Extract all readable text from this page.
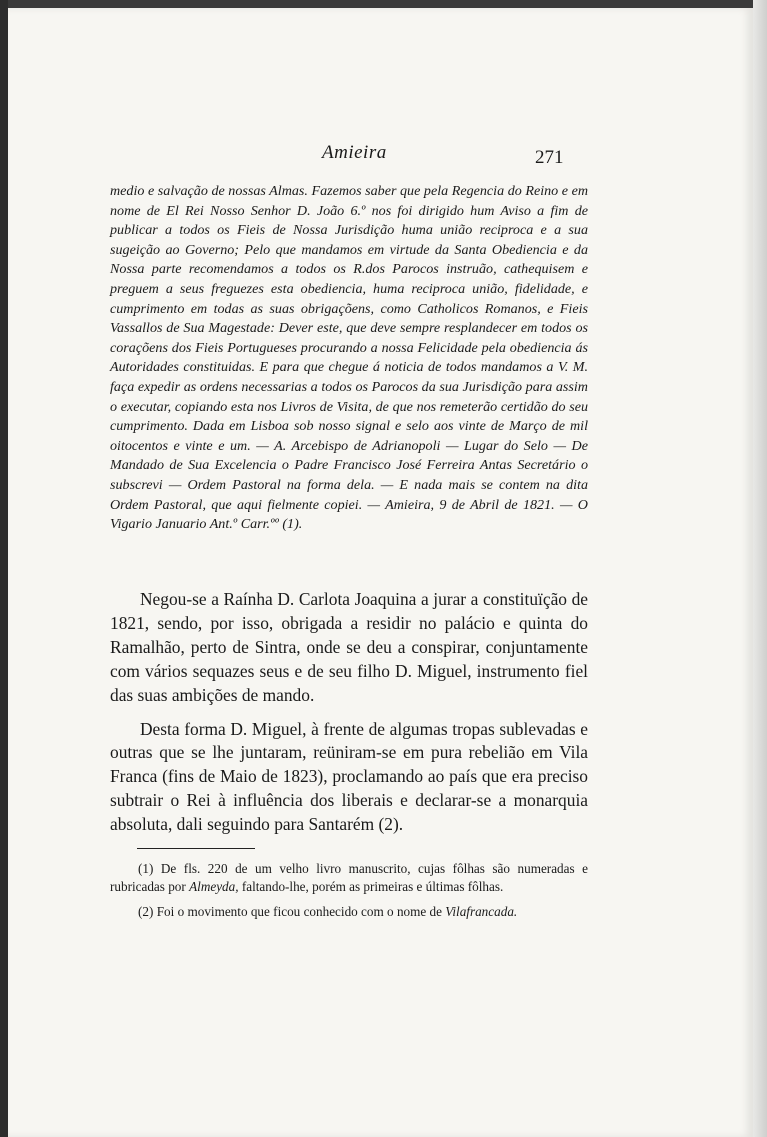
Amieira	271

medio e salvação de nossas Almas. Fazemos saber que pela Regencia do Reino e em nome de El Rei Nosso Senhor D. João 6.º nos foi dirigido hum Aviso a fim de publicar a todos os Fieis de Nossa Jurisdição huma união reciproca e a sua sugeição ao Governo; Pelo que mandamos em virtude da Santa Obediencia e da Nossa parte recomendamos a todos os R.dos Parocos instruão, cathequisem e preguem a seus freguezes esta obediencia, huma reciproca união, fidelidade, e cumprimento em todas as suas obrigaçõens, como Catholicos Romanos, e Fieis Vassallos de Sua Magestade: Dever este, que deve sempre resplandecer em todos os coraçõens dos Fieis Portugueses procurando a nossa Felicidade pela obediencia ás Autoridades constituidas. E para que chegue á noticia de todos mandamos a V. M. faça expedir as ordens necessarias a todos os Parocos da sua Jurisdição para assim o executar, copiando esta nos Livros de Visita, de que nos remeterão certidão do seu cumprimento. Dada em Lisboa sob nosso signal e selo aos vinte de Março de mil oitocentos e vinte e um. — A. Arcebispo de Adrianopoli — Lugar do Selo — De Mandado de Sua Excelencia o Padre Francisco José Ferreira Antas Secretário o subscrevi — Ordem Pastoral na forma dela. — E nada mais se contem na dita Ordem Pastoral, que aqui fielmente copiei. — Amieira, 9 de Abril de 1821. — O Vigario Januario Ant.º Carr.ºº (1).

Negou-se a Raínha D. Carlota Joaquina a jurar a constituïção de 1821, sendo, por isso, obrigada a residir no palácio e quinta do Ramalhão, perto de Sintra, onde se deu a conspirar, conjuntamente com vários sequazes seus e de seu filho D. Miguel, instrumento fiel das suas ambições de mando.

Desta forma D. Miguel, à frente de algumas tropas sublevadas e outras que se lhe juntaram, reüniram-se em pura rebelião em Vila Franca (fins de Maio de 1823), proclamando ao país que era preciso subtrair o Rei à influência dos liberais e declarar-se a monarquia absoluta, dali seguindo para Santarém (2).

(1) De fls. 220 de um velho livro manuscrito, cujas fôlhas são numeradas e rubricadas por Almeyda, faltando-lhe, porém as primeiras e últimas fôlhas.

(2) Foi o movimento que ficou conhecido com o nome de Vilafrancada.
